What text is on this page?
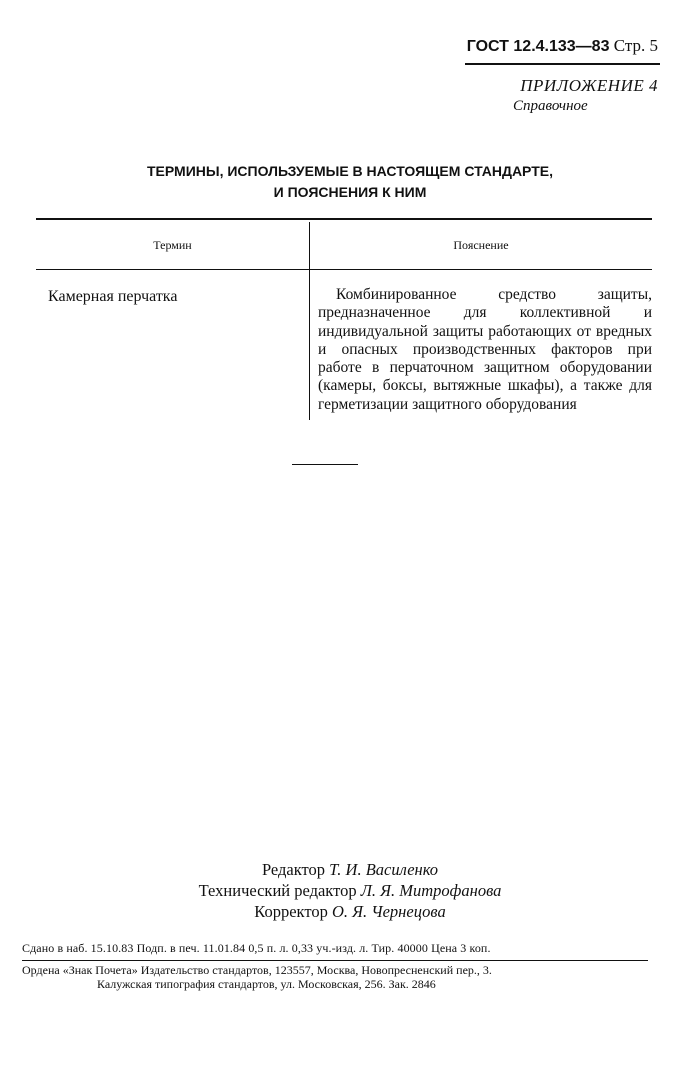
ГОСТ 12.4.133—83 Стр. 5
ПРИЛОЖЕНИЕ 4
Справочное
ТЕРМИНЫ, ИСПОЛЬЗУЕМЫЕ В НАСТОЯЩЕМ СТАНДАРТЕ,
И ПОЯСНЕНИЯ К НИМ
Термин	Пояснение
Камерная перчатка	Комбинированное средство защиты, предназначенное для коллективной и индивидуальной защиты работающих от вредных и опасных производственных факторов при работе в перчаточном защитном оборудовании (камеры, боксы, вытяжные шкафы), а также для герметизации защитного оборудования
Редактор Т. И. Василенко
Технический редактор Л. Я. Митрофанова
Корректор О. Я. Чернецова
Сдано в наб. 15.10.83 Подп. в печ. 11.01.84 0,5 п. л. 0,33 уч.-изд. л. Тир. 40000 Цена 3 коп.
Ордена «Знак Почета» Издательство стандартов, 123557, Москва, Новопресненский пер., 3.
Калужская типография стандартов, ул. Московская, 256. Зак. 2846
